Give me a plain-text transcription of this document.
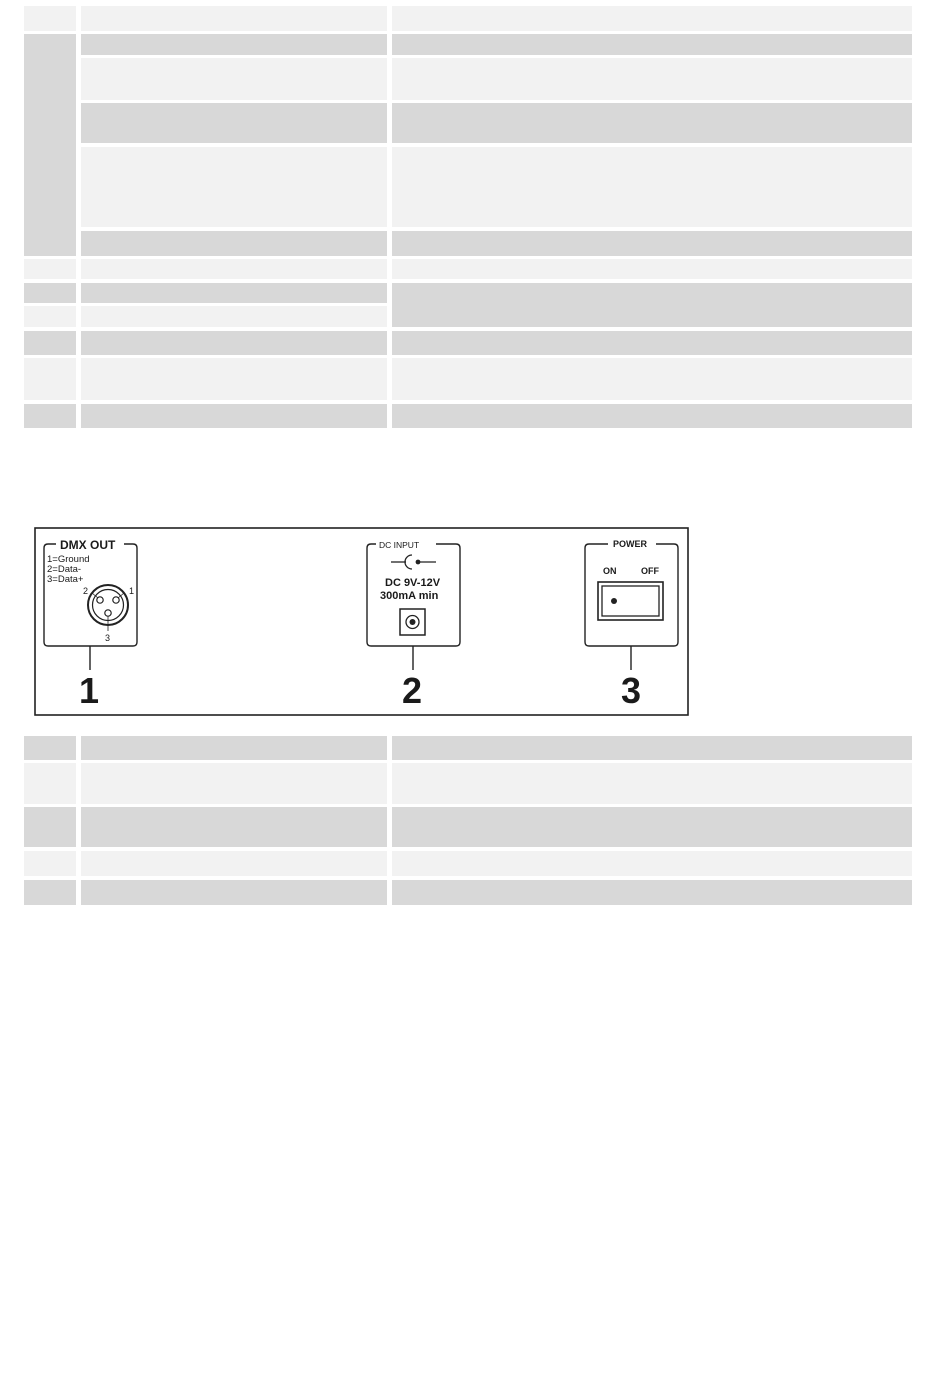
DMX OUT
1=Ground
2=Data-
3=Data+
2	1
3
1
DC INPUT
DC 9V-12V
300mA min
2
POWER
ON	OFF
3
